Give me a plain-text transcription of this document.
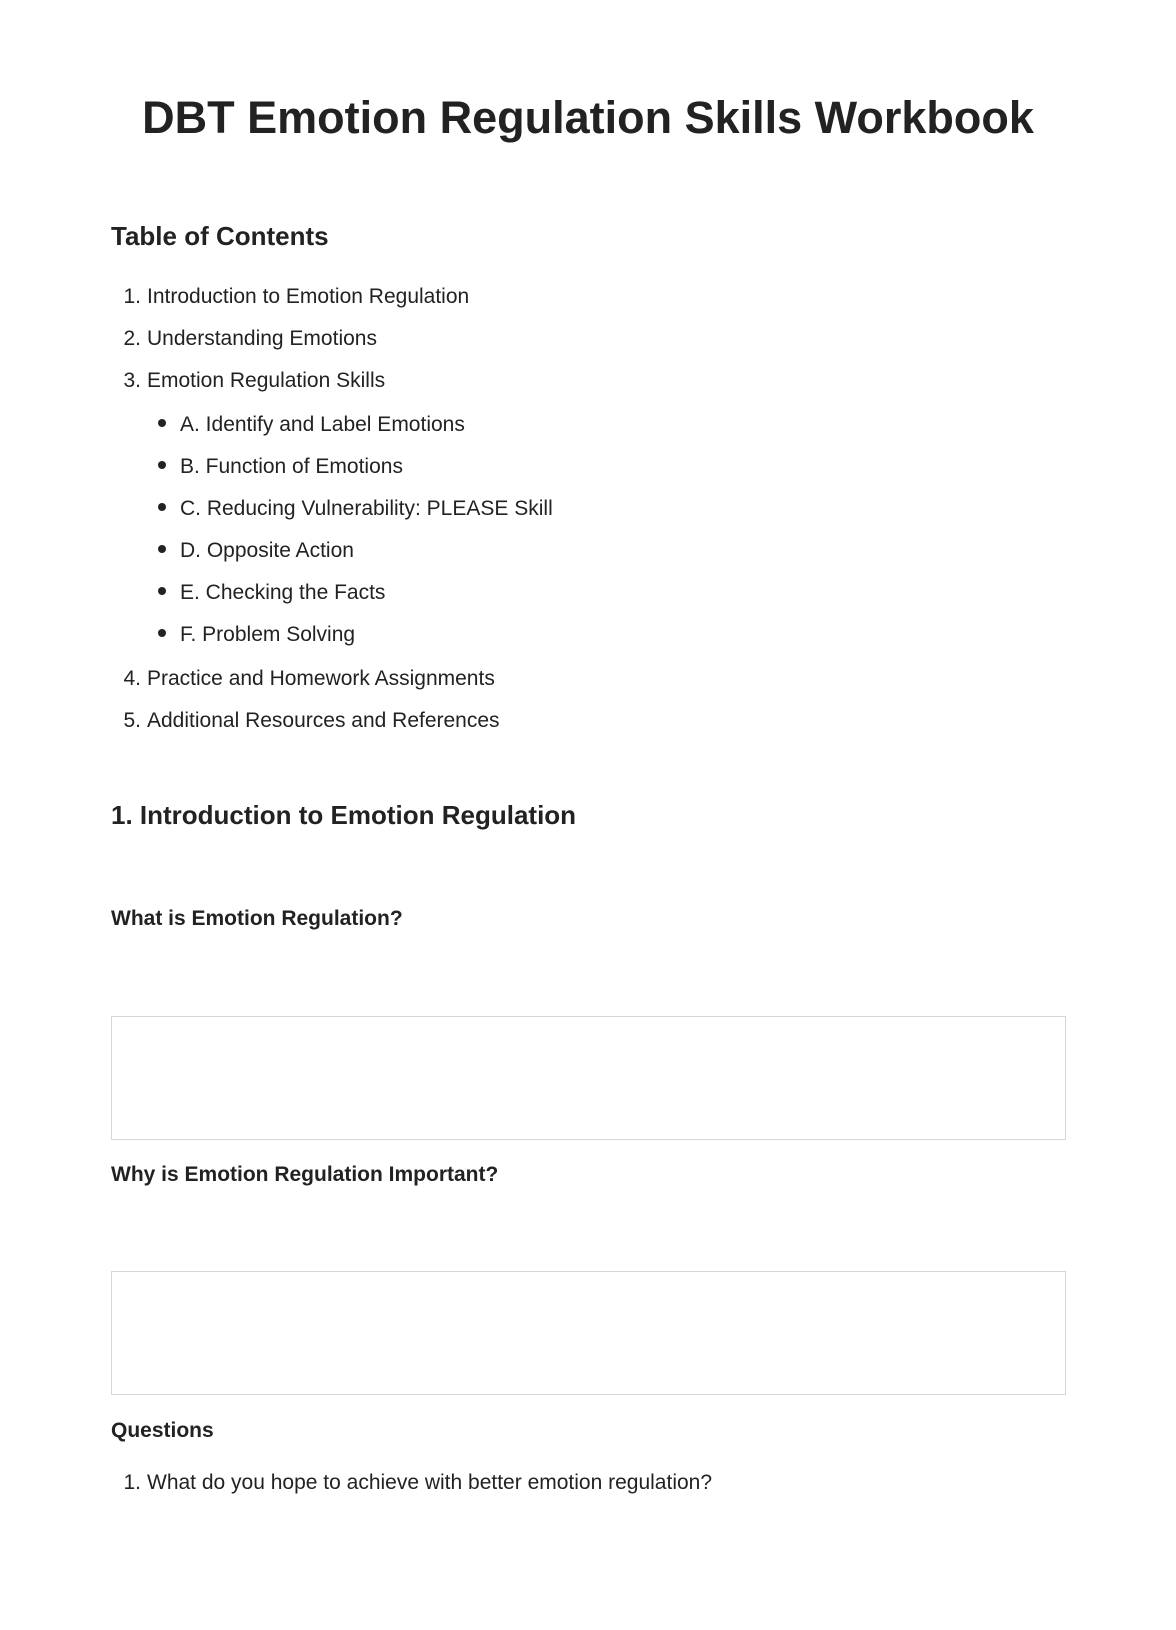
DBT Emotion Regulation Skills Workbook
Table of Contents
1. Introduction to Emotion Regulation
2. Understanding Emotions
3. Emotion Regulation Skills
A. Identify and Label Emotions
B. Function of Emotions
C. Reducing Vulnerability: PLEASE Skill
D. Opposite Action
E. Checking the Facts
F. Problem Solving
4. Practice and Homework Assignments
5. Additional Resources and References
1. Introduction to Emotion Regulation
What is Emotion Regulation?
Why is Emotion Regulation Important?
Questions
1. What do you hope to achieve with better emotion regulation?
